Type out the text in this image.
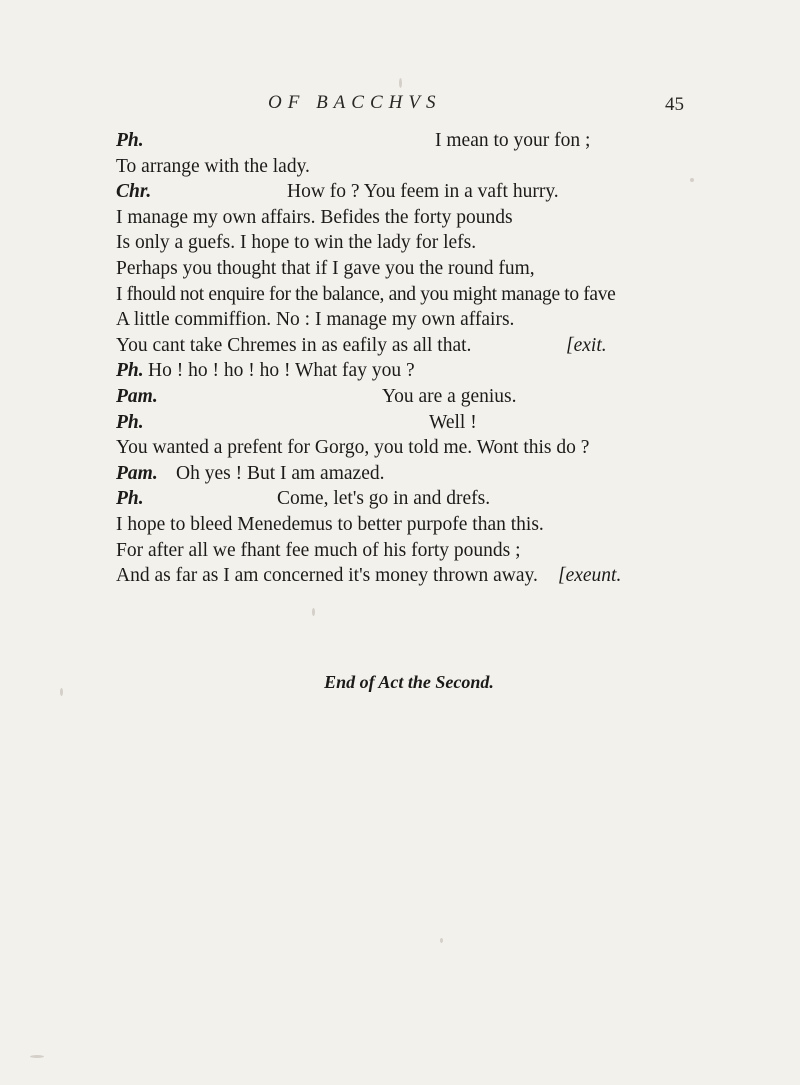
OF BACCHVS	45
Ph.	I mean to your fon ;
To arrange with the lady.
Chr.	How fo ? You feem in a vaft hurry.
I manage my own affairs. Befides the forty pounds
Is only a guefs. I hope to win the lady for lefs.
Perhaps you thought that if I gave you the round fum,
I fhould not enquire for the balance, and you might manage to fave
A little commiffion. No : I manage my own affairs.
You cant take Chremes in as eafily as all that.	[exit.
Ph. Ho ! ho ! ho ! ho ! What fay you ?
Pam.	You are a genius.
Ph.	Well !
You wanted a prefent for Gorgo, you told me. Wont this do ?
Pam. Oh yes ! But I am amazed.
Ph.	Come, let's go in and drefs.
I hope to bleed Menedemus to better purpofe than this.
For after all we fhant fee much of his forty pounds ;
And as far as I am concerned it's money thrown away. [exeunt.
End of Act the Second.
